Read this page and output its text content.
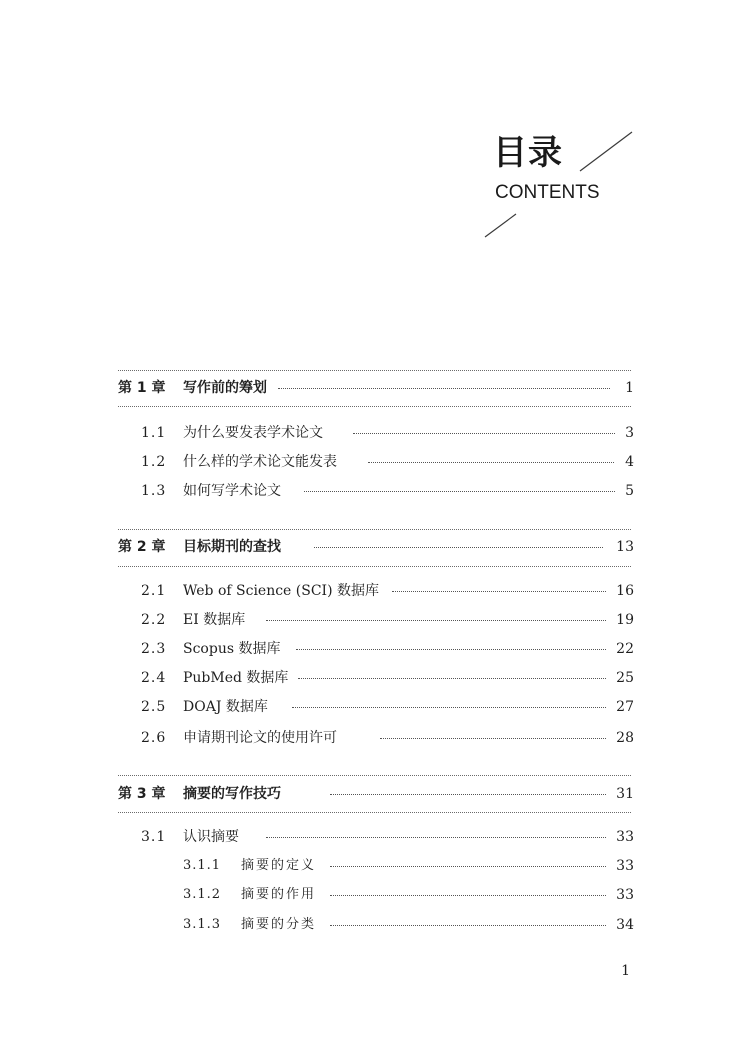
目录
CONTENTS
第 1 章 写作前的筹划	1
1.1 为什么要发表学术论文	3
1.2 什么样的学术论文能发表	4
1.3 如何写学术论文	5
第 2 章 目标期刊的查找	13
2.1 Web of Science (SCI) 数据库	16
2.2 EI 数据库	19
2.3 Scopus 数据库	22
2.4 PubMed 数据库	25
2.5 DOAJ 数据库	27
2.6 申请期刊论文的使用许可	28
第 3 章 摘要的写作技巧	31
3.1 认识摘要	33
3.1.1 摘要的定义	33
3.1.2 摘要的作用	33
3.1.3 摘要的分类	34
1
